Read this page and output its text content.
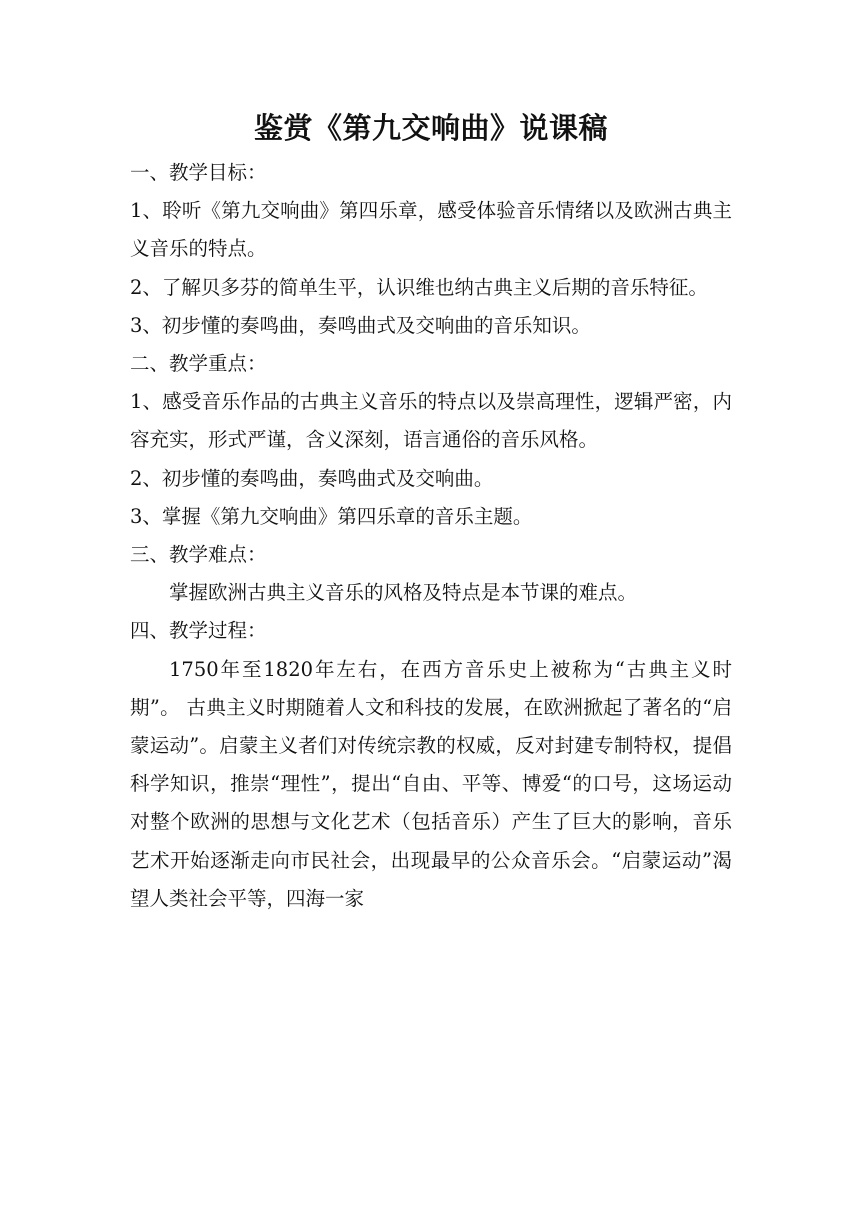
鉴赏《第九交响曲》说课稿

一、教学目标：

1、聆听《第九交响曲》第四乐章，感受体验音乐情绪以及欧洲古典主义音乐的特点。

2、了解贝多芬的简单生平，认识维也纳古典主义后期的音乐特征。

3、初步懂的奏鸣曲，奏鸣曲式及交响曲的音乐知识。

二、教学重点：

1、感受音乐作品的古典主义音乐的特点以及崇高理性，逻辑严密，内容充实，形式严谨，含义深刻，语言通俗的音乐风格。

2、初步懂的奏鸣曲，奏鸣曲式及交响曲。

3、掌握《第九交响曲》第四乐章的音乐主题。

三、教学难点：

掌握欧洲古典主义音乐的风格及特点是本节课的难点。

四、教学过程：

1750年至1820年左右，在西方音乐史上被称为“古典主义时期”。 古典主义时期随着人文和科技的发展，在欧洲掀起了著名的“启蒙运动”。启蒙主义者们对传统宗教的权威，反对封建专制特权，提倡科学知识，推崇“理性”，提出“自由、平等、博爱“的口号，这场运动对整个欧洲的思想与文化艺术（包括音乐）产生了巨大的影响，音乐艺术开始逐渐走向市民社会，出现最早的公众音乐会。“启蒙运动”渴望人类社会平等，四海一家
